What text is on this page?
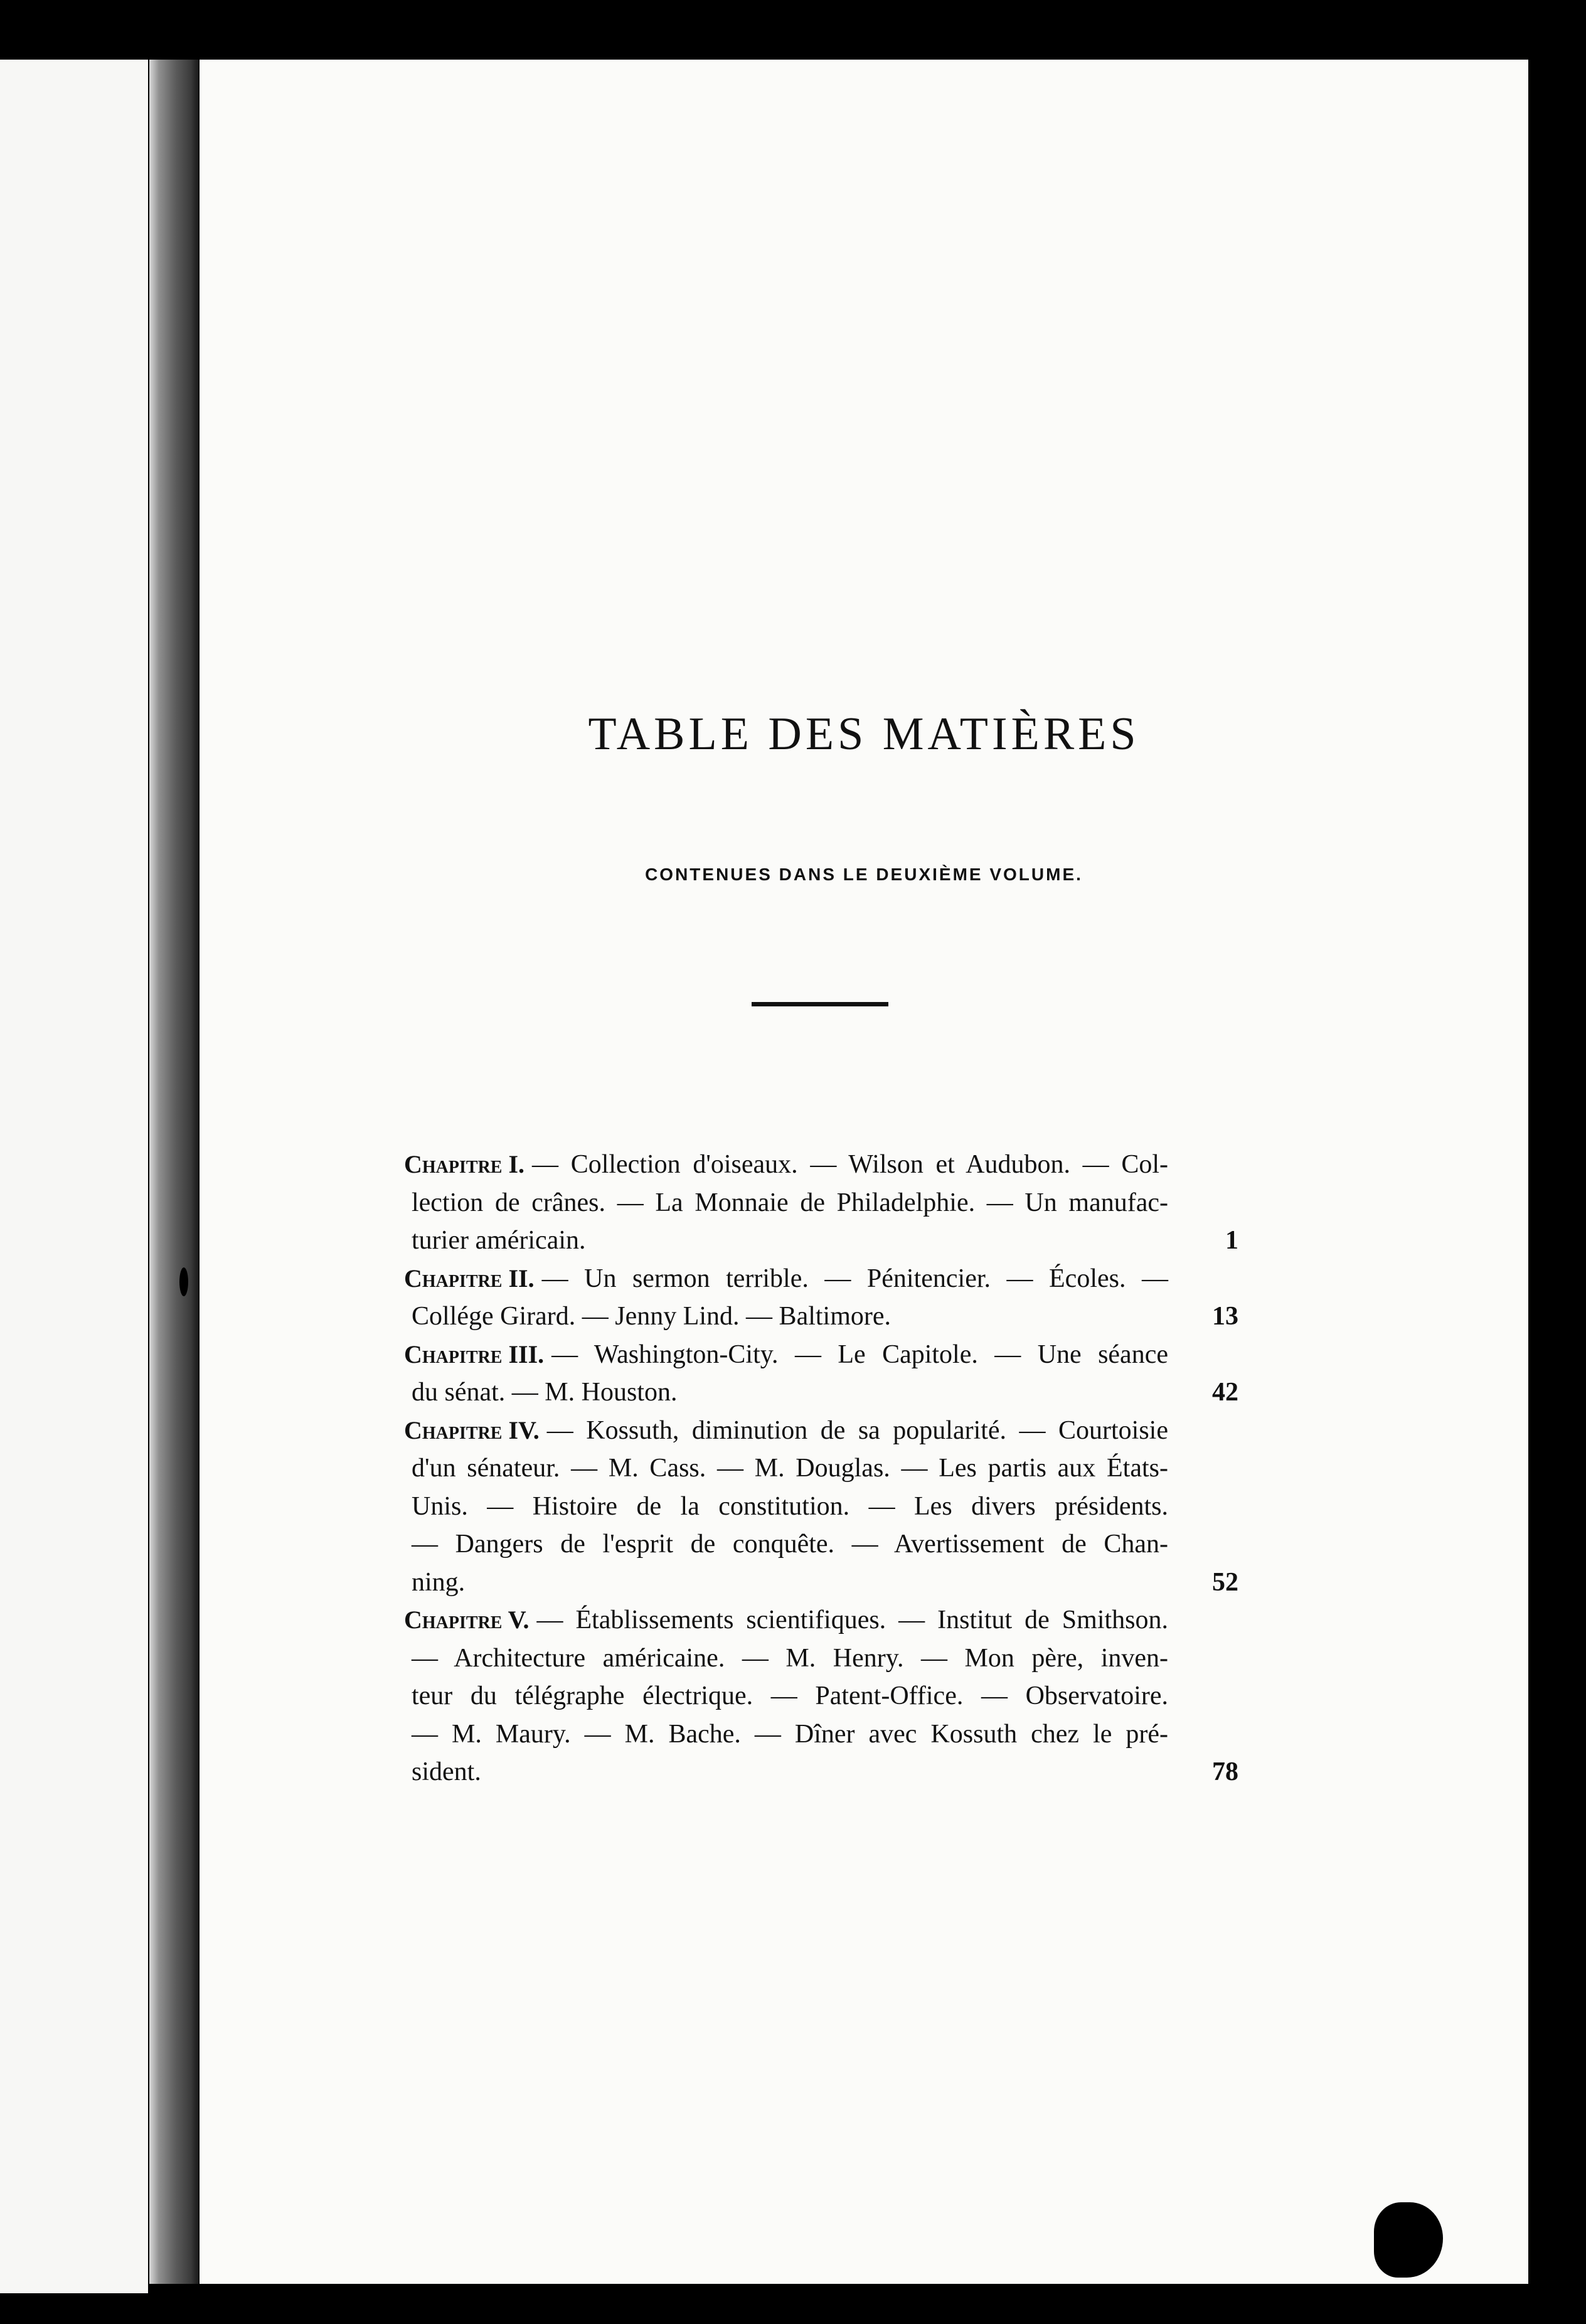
TABLE DES MATIÈRES
CONTENUES DANS LE DEUXIÈME VOLUME.
Chapitre I. — Collection d'oiseaux. — Wilson et Audubon. — Col-
lection de crânes. — La Monnaie de Philadelphie. — Un manufac-
turier américain.	1
Chapitre II. — Un sermon terrible. — Pénitencier. — Écoles. —
Collége Girard. — Jenny Lind. — Baltimore.	13
Chapitre III. — Washington-City. — Le Capitole. — Une séance
du sénat. — M. Houston.	42
Chapitre IV. — Kossuth, diminution de sa popularité. — Courtoisie
d'un sénateur. — M. Cass. — M. Douglas. — Les partis aux États-
Unis. — Histoire de la constitution. — Les divers présidents.
— Dangers de l'esprit de conquête. — Avertissement de Chan-
ning.	52
Chapitre V. — Établissements scientifiques. — Institut de Smithson.
— Architecture américaine. — M. Henry. — Mon père, inven-
teur du télégraphe électrique. — Patent-Office. — Observatoire.
— M. Maury. — M. Bache. — Dîner avec Kossuth chez le pré-
sident.	78
